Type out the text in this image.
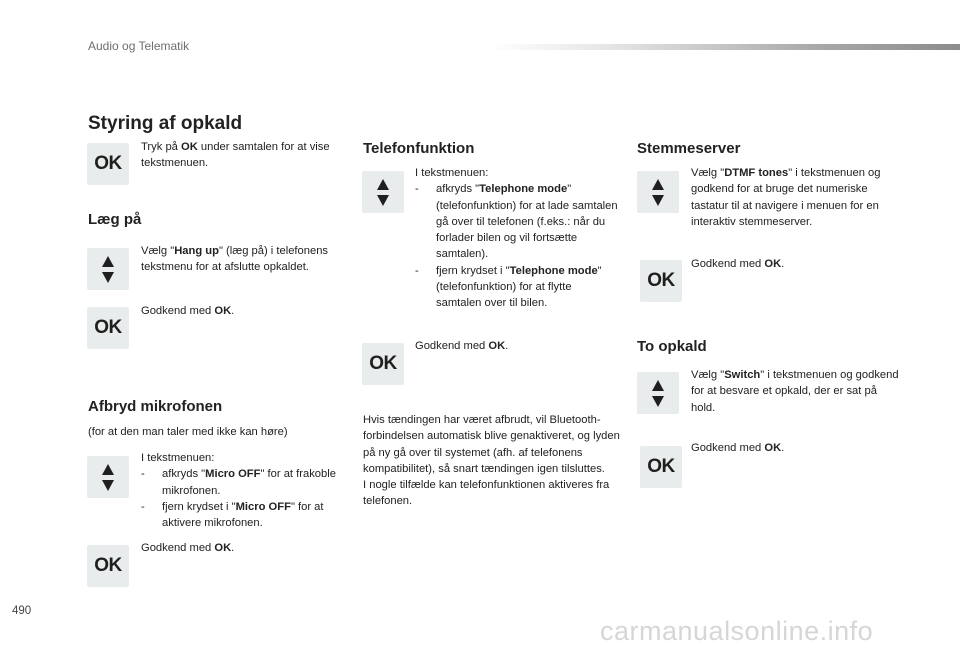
Audio og Telematik
Styring af opkald
OK
Tryk på OK under samtalen for at vise tekstmenuen.
Læg på
Vælg "Hang up" (læg på) i telefonens tekstmenu for at afslutte opkaldet.
OK
Godkend med OK.
Afbryd mikrofonen
(for at den man taler med ikke kan høre)
I tekstmenuen:
- afkryds "Micro OFF" for at frakoble mikrofonen.
- fjern krydset i "Micro OFF" for at aktivere mikrofonen.
OK
Godkend med OK.
Telefonfunktion
I tekstmenuen:
- afkryds "Telephone mode" (telefonfunktion) for at lade samtalen gå over til telefonen (f.eks.: når du forlader bilen og vil fortsætte samtalen).
- fjern krydset i "Telephone mode" (telefonfunktion) for at flytte samtalen over til bilen.
OK
Godkend med OK.
Hvis tændingen har været afbrudt, vil Bluetooth-forbindelsen automatisk blive genaktiveret, og lyden på ny gå over til systemet (afh. af telefonens kompatibilitet), så snart tændingen igen tilsluttes.
I nogle tilfælde kan telefonfunktionen aktiveres fra telefonen.
Stemmeserver
Vælg "DTMF tones" i tekstmenuen og godkend for at bruge det numeriske tastatur til at navigere i menuen for en interaktiv stemmeserver.
OK
Godkend med OK.
To opkald
Vælg "Switch" i tekstmenuen og godkend for at besvare et opkald, der er sat på hold.
OK
Godkend med OK.
490
carmanualsonline.info
